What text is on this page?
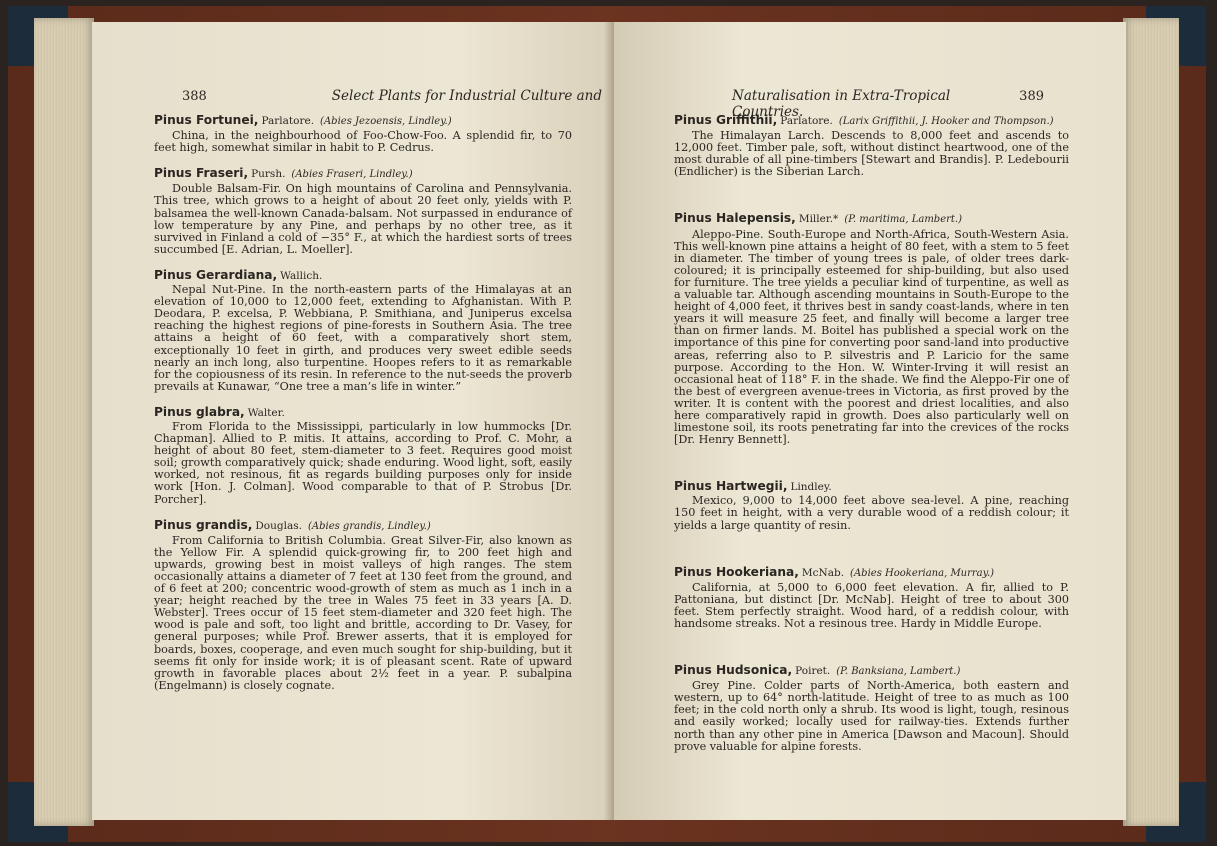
388	Select Plants for Industrial Culture and
Pinus Fortunei, Parlatore. (Abies Jezoensis, Lindley.)

China, in the neighbourhood of Foo-Chow-Foo. A splendid fir, to 70 feet high, somewhat similar in habit to P. Cedrus.

Pinus Fraseri, Pursh. (Abies Fraseri, Lindley.)

Double Balsam-Fir. On high mountains of Carolina and Pennsylvania. This tree, which grows to a height of about 20 feet only, yields with P. balsamea the well-known Canada-balsam. Not surpassed in endurance of low temperature by any Pine, and perhaps by no other tree, as it survived in Finland a cold of −35° F., at which the hardiest sorts of trees succumbed [E. Adrian, L. Moeller].

Pinus Gerardiana, Wallich.

Nepal Nut-Pine. In the north-eastern parts of the Himalayas at an elevation of 10,000 to 12,000 feet, extending to Afghanistan. With P. Deodara, P. excelsa, P. Webbiana, P. Smithiana, and Juniperus excelsa reaching the highest regions of pine-forests in Southern Asia. The tree attains a height of 60 feet, with a comparatively short stem, exceptionally 10 feet in girth, and produces very sweet edible seeds nearly an inch long, also turpentine. Hoopes refers to it as remarkable for the copiousness of its resin. In reference to the nut-seeds the proverb prevails at Kunawar, “One tree a man’s life in winter.”

Pinus glabra, Walter.

From Florida to the Mississippi, particularly in low hummocks [Dr. Chapman]. Allied to P. mitis. It attains, according to Prof. C. Mohr, a height of about 80 feet, stem-diameter to 3 feet. Requires good moist soil; growth comparatively quick; shade enduring. Wood light, soft, easily worked, not resinous, fit as regards building purposes only for inside work [Hon. J. Colman]. Wood comparable to that of P. Strobus [Dr. Porcher].

Pinus grandis, Douglas. (Abies grandis, Lindley.)

From California to British Columbia. Great Silver-Fir, also known as the Yellow Fir. A splendid quick-growing fir, to 200 feet high and upwards, growing best in moist valleys of high ranges. The stem occasionally attains a diameter of 7 feet at 130 feet from the ground, and of 6 feet at 200; concentric wood-growth of stem as much as 1 inch in a year; height reached by the tree in Wales 75 feet in 33 years [A. D. Webster]. Trees occur of 15 feet stem-diameter and 320 feet high. The wood is pale and soft, too light and brittle, according to Dr. Vasey, for general purposes; while Prof. Brewer asserts, that it is employed for boards, boxes, cooperage, and even much sought for ship-building, but it seems fit only for inside work; it is of pleasant scent. Rate of upward growth in favorable places about 2½ feet in a year. P. subalpina (Engelmann) is closely cognate.

Naturalisation in Extra-Tropical Countries.
389
Pinus Griffithii, Parlatore. (Larix Griffithii, J. Hooker and Thompson.)

The Himalayan Larch. Descends to 8,000 feet and ascends to 12,000 feet. Timber pale, soft, without distinct heartwood, one of the most durable of all pine-timbers [Stewart and Brandis]. P. Ledebourii (Endlicher) is the Siberian Larch.

Pinus Halepensis, Miller.* (P. maritima, Lambert.)

Aleppo-Pine. South-Europe and North-Africa, South-Western Asia. This well-known pine attains a height of 80 feet, with a stem to 5 feet in diameter. The timber of young trees is pale, of older trees dark-coloured; it is principally esteemed for ship-building, but also used for furniture. The tree yields a peculiar kind of turpentine, as well as a valuable tar. Although ascending mountains in South-Europe to the height of 4,000 feet, it thrives best in sandy coast-lands, where in ten years it will measure 25 feet, and finally will become a larger tree than on firmer lands. M. Boitel has published a special work on the importance of this pine for converting poor sand-land into productive areas, referring also to P. silvestris and P. Laricio for the same purpose. According to the Hon. W. Winter-Irving it will resist an occasional heat of 118° F. in the shade. We find the Aleppo-Fir one of the best of evergreen avenue-trees in Victoria, as first proved by the writer. It is content with the poorest and driest localities, and also here comparatively rapid in growth. Does also particularly well on limestone soil, its roots penetrating far into the crevices of the rocks [Dr. Henry Bennett].

Pinus Hartwegii, Lindley.

Mexico, 9,000 to 14,000 feet above sea-level. A pine, reaching 150 feet in height, with a very durable wood of a reddish colour; it yields a large quantity of resin.

Pinus Hookeriana, McNab. (Abies Hookeriana, Murray.)

California, at 5,000 to 6,000 feet elevation. A fir, allied to P. Pattoniana, but distinct [Dr. McNab]. Height of tree to about 300 feet. Stem perfectly straight. Wood hard, of a reddish colour, with handsome streaks. Not a resinous tree. Hardy in Middle Europe.

Pinus Hudsonica, Poiret. (P. Banksiana, Lambert.)

Grey Pine. Colder parts of North-America, both eastern and western, up to 64° north-latitude. Height of tree to as much as 100 feet; in the cold north only a shrub. Its wood is light, tough, resinous and easily worked; locally used for railway-ties. Extends further north than any other pine in America [Dawson and Macoun]. Should prove valuable for alpine forests.
